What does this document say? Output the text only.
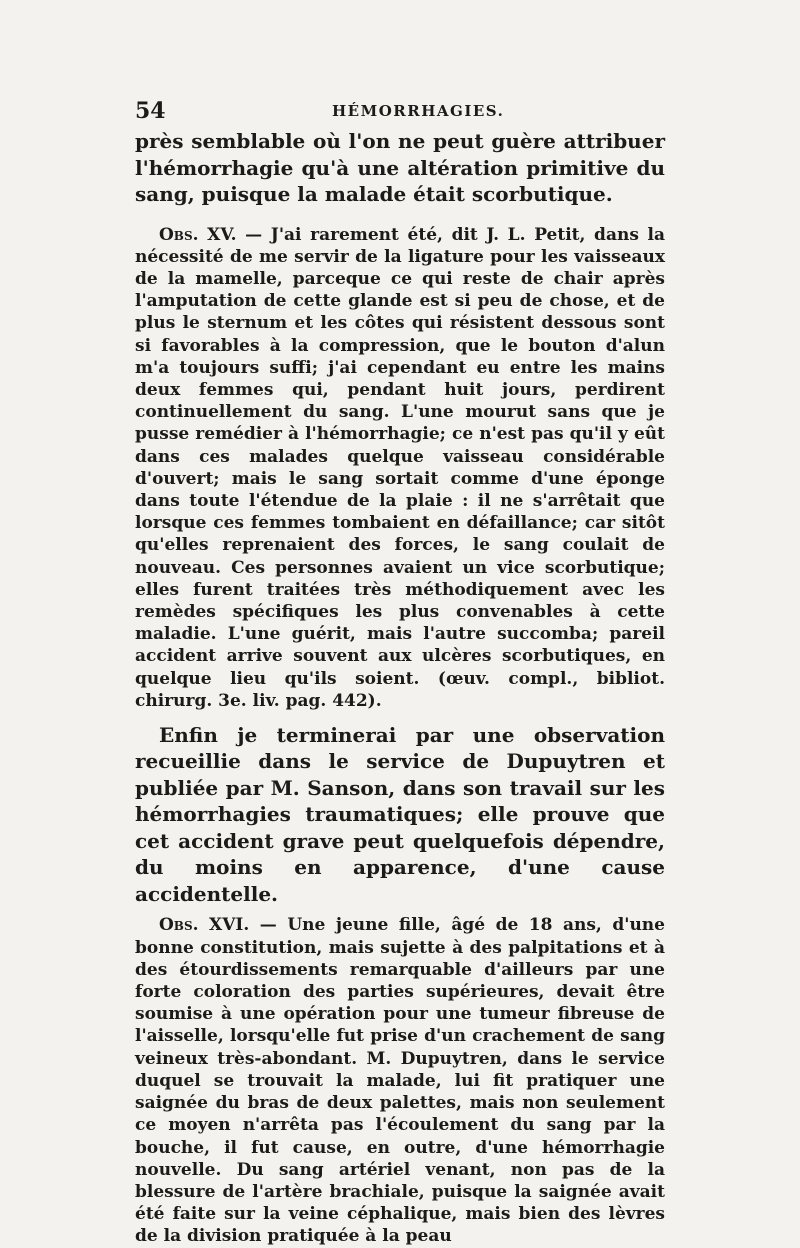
54	HÉMORRHAGIES.

près semblable où l'on ne peut guère attribuer l'hémorrhagie qu'à une altération primitive du sang, puisque la malade était scorbutique.

Obs. XV. — J'ai rarement été, dit J. L. Petit, dans la nécessité de me servir de la ligature pour les vaisseaux de la mamelle, parceque ce qui reste de chair après l'amputation de cette glande est si peu de chose, et de plus le sternum et les côtes qui résistent dessous sont si favorables à la compression, que le bouton d'alun m'a toujours suffi; j'ai cependant eu entre les mains deux femmes qui, pendant huit jours, perdirent continuellement du sang. L'une mourut sans que je pusse remédier à l'hémorrhagie; ce n'est pas qu'il y eût dans ces malades quelque vaisseau considérable d'ouvert; mais le sang sortait comme d'une éponge dans toute l'étendue de la plaie : il ne s'arrêtait que lorsque ces femmes tombaient en défaillance; car sitôt qu'elles reprenaient des forces, le sang coulait de nouveau. Ces personnes avaient un vice scorbutique; elles furent traitées très méthodiquement avec les remèdes spécifiques les plus convenables à cette maladie. L'une guérit, mais l'autre succomba; pareil accident arrive souvent aux ulcères scorbutiques, en quelque lieu qu'ils soient. (œuv. compl., bibliot. chirurg. 3e. liv. pag. 442).

Enfin je terminerai par une observation recueillie dans le service de Dupuytren et publiée par M. Sanson, dans son travail sur les hémorrhagies traumatiques; elle prouve que cet accident grave peut quelquefois dépendre, du moins en apparence, d'une cause accidentelle.

Obs. XVI. — Une jeune fille, âgé de 18 ans, d'une bonne constitution, mais sujette à des palpitations et à des étourdissements remarquable d'ailleurs par une forte coloration des parties supérieures, devait être soumise à une opération pour une tumeur fibreuse de l'aisselle, lorsqu'elle fut prise d'un crachement de sang veineux très-abondant. M. Dupuytren, dans le service duquel se trouvait la malade, lui fit pratiquer une saignée du bras de deux palettes, mais non seulement ce moyen n'arrêta pas l'écoulement du sang par la bouche, il fut cause, en outre, d'une hémorrhagie nouvelle. Du sang artériel venant, non pas de la blessure de l'artère brachiale, puisque la saignée avait été faite sur la veine céphalique, mais bien des lèvres de la division pratiquée à la peau
